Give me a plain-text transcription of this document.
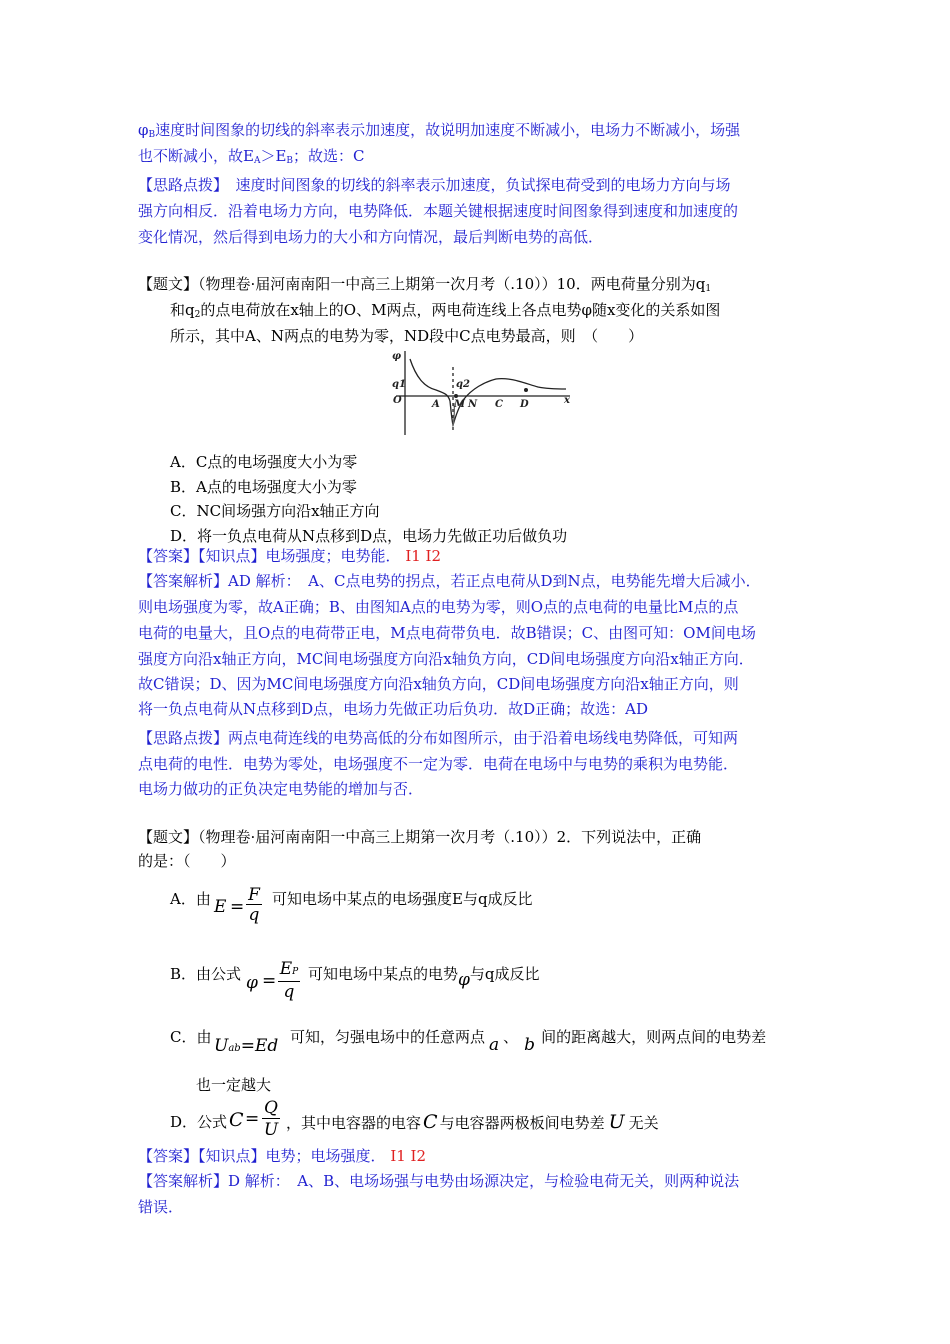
$\varphi_B$速度时间图象的切线的斜率表示加速度，故说明加速度不断减小，电场力不断减小，场强
也不断减小，故$E_A>E_B$；故选：C
【思路点拨】　速度时间图象的切线的斜率表示加速度，负试探电荷受到的电场力方向与场
强方向相反．沿着电场力方向，电势降低．本题关键根据速度时间图象得到速度和加速度的
变化情况，然后得到电场力的大小和方向情况，最后判断电势的高低．
【题文】（物理卷·届河南南阳一中高三上期第一次月考（.10））10．两电荷量分别为$q_1$
和$q_2$的点电荷放在x轴上的O、M两点，两电荷连线上各点电势φ随x变化的关系如图
所示，其中A、N两点的电势为零，ND段中C点电势最高，则　（　　）
φ
q1	q2
O	A M N C D	x
A．C点的电场强度大小为零
B．A点的电场强度大小为零
C．NC间场强方向沿x轴正方向
D．将一负点电荷从N点移到D点，电场力先做正功后做负功
【答案】【知识点】电场强度；电势能． I1 I2
【答案解析】AD 解析：　A、C点电势的拐点，若正点电荷从D到N点，电势能先增大后减小．
则电场强度为零，故A正确；B、由图知A点的电势为零，则O点的点电荷的电量比M点的点
电荷的电量大，且O点的电荷带正电，M点电荷带负电．故B错误；C、由图可知：OM间电场
强度方向沿x轴正方向，MC间电场强度方向沿x轴负方向，CD间电场强度方向沿x轴正方向．
故C错误；D、因为MC间电场强度方向沿x轴负方向，CD间电场强度方向沿x轴正方向，则
将一负点电荷从N点移到D点，电场力先做正功后负功．故D正确；故选：AD
【思路点拨】两点电荷连线的电势高低的分布如图所示，由于沿着电场线电势降低，可知两
点电荷的电性．电势为零处，电场强度不一定为零．电荷在电场中与电势的乘积为电势能．
电场力做功的正负决定电势能的增加与否．
【题文】（物理卷·届河南南阳一中高三上期第一次月考（.10））2．下列说法中，正确
的是：（　　）
A．由 $E = \frac{F}{q}$ 可知电场中某点的电场强度E与q成反比
B．由公式 $\varphi = \frac{EP}{q}$ 可知电场中某点的电势φ与q成反比
C．由 Uab=Ed 可知，匀强电场中的任意两点 a 、 b 间的距离越大，则两点间的电势差
也一定越大
D．公式 $C = \frac{Q}{U}$ ，其中电容器的电容 C 与电容器两极板间电势差 U 无关
【答案】【知识点】电势；电场强度． I1 I2
【答案解析】D 解析：　A、B、电场场强与电势由场源决定，与检验电荷无关，则两种说法
错误．
